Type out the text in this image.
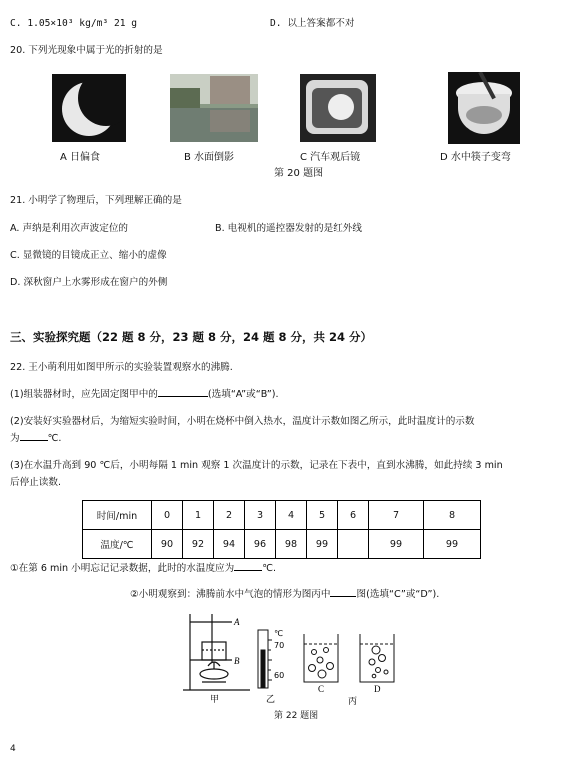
C. 1.05×10³ kg/m³ 21 g	D. 以上答案都不对
20. 下列光现象中属于光的折射的是
A 日偏食	B 水面倒影	C 汽车观后镜	D 水中筷子变弯
第 20 题图
21. 小明学了物理后，下列理解正确的是
A. 声纳是利用次声波定位的	B. 电视机的遥控器发射的是红外线
C. 显微镜的目镜成正立、缩小的虚像
D. 深秋窗户上水雾形成在窗户的外侧
三、实验探究题（22 题 8 分，23 题 8 分，24 题 8 分，共 24 分）
22. 王小萌利用如图甲所示的实验装置观察水的沸腾.
(1)组装器材时，应先固定图甲中的	(选填“A”或“B”).
(2)安装好实验器材后，为缩短实验时间，小明在烧杯中倒入热水，温度计示数如图乙所示，此时温度计的示数
为	℃.
(3)在水温升高到 90 ℃后，小明每隔 1 min 观察 1 次温度计的示数，记录在下表中，直到水沸腾，如此持续 3 min
后停止读数.
时间/min	0	1	2	3	4	5	6	7	8
温度/℃	90	92	94	96	98	99		99	99
①在第 6 min 小明忘记记录数据，此时的水温度应为	℃.
②小明观察到：沸腾前水中气泡的情形为图丙中	图(选填“C”或“D”).
A
B
甲
℃
70
60
乙
C	D
丙
第 22 题图
4
